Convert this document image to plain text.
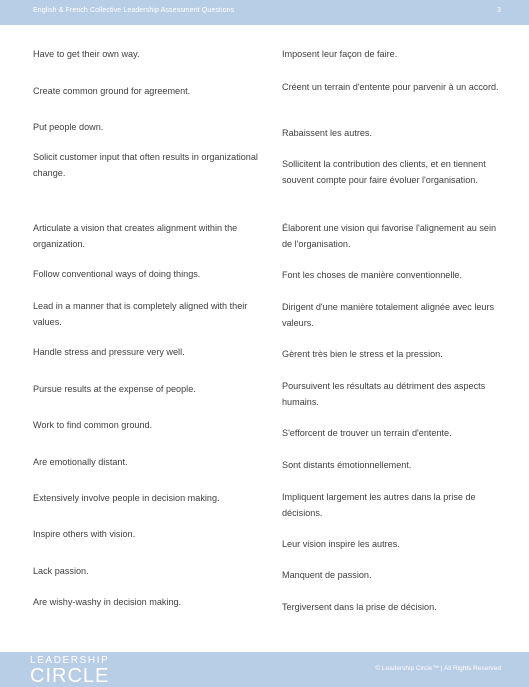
English & French Collective Leadership Assessment Questions	3
Have to get their own way.
Create common ground for agreement.
Put people down.
Solicit customer input that often results in organizational change.
Articulate a vision that creates alignment within the organization.
Follow conventional ways of doing things.
Lead in a manner that is completely aligned with their values.
Handle stress and pressure very well.
Pursue results at the expense of people.
Work to find common ground.
Are emotionally distant.
Extensively involve people in decision making.
Inspire others with vision.
Lack passion.
Are wishy-washy in decision making.
Imposent leur façon de faire.
Créent un terrain d'entente pour parvenir à un accord.
Rabaissent les autres.
Sollicitent la contribution des clients, et en tiennent souvent compte pour faire évoluer l'organisation.
Élaborent une vision qui favorise l'alignement au sein de l'organisation.
Font les choses de manière conventionnelle.
Dirigent d'une manière totalement alignée avec leurs valeurs.
Gèrent très bien le stress et la pression.
Poursuivent les résultats au détriment des aspects humains.
S'efforcent de trouver un terrain d'entente.
Sont distants émotionnellement.
Impliquent largement les autres dans la prise de décisions.
Leur vision inspire les autres.
Manquent de passion.
Tergiversent dans la prise de décision.
LEADERSHIP
CIRCLE	© Leadership Circle™ | All Rights Reserved
